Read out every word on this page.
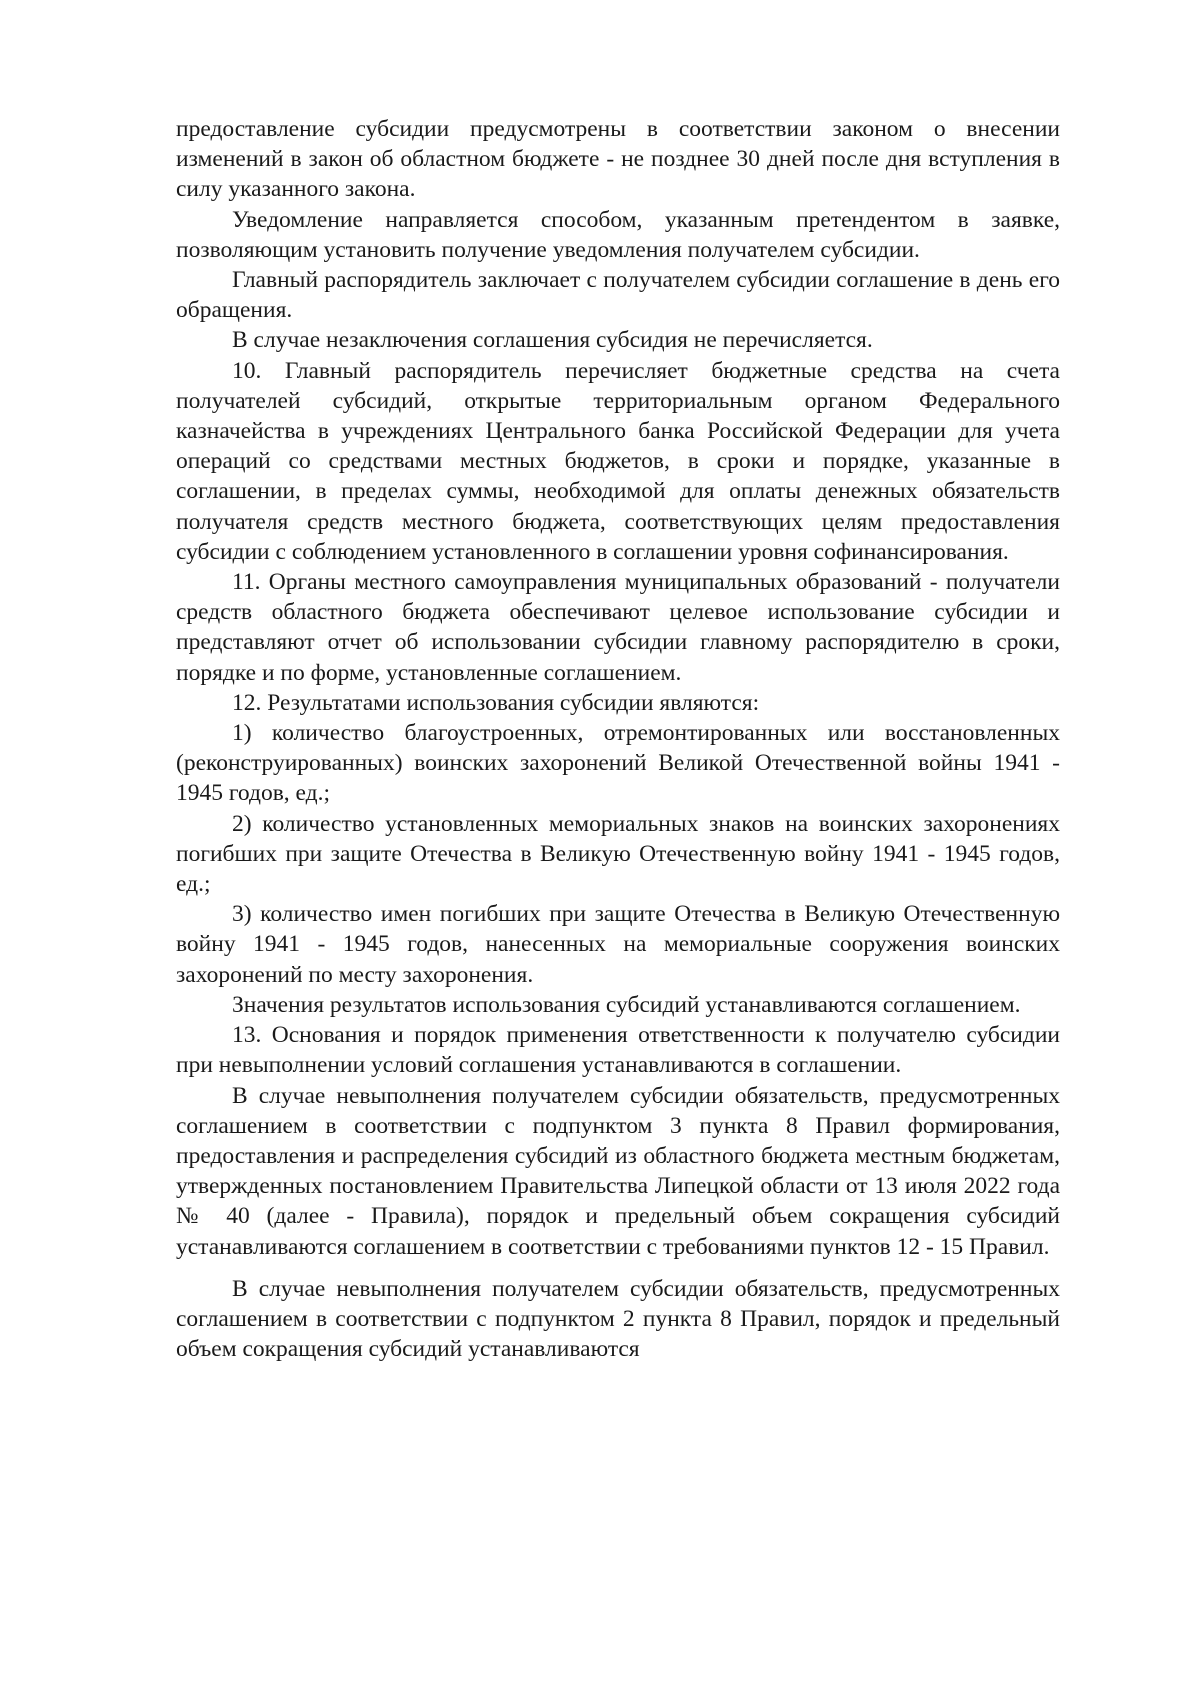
предоставление субсидии предусмотрены в соответствии законом о внесении изменений в закон об областном бюджете - не позднее 30 дней после дня вступления в силу указанного закона.

Уведомление направляется способом, указанным претендентом в заявке, позволяющим установить получение уведомления получателем субсидии.

Главный распорядитель заключает с получателем субсидии соглашение в день его обращения.

В случае незаключения соглашения субсидия не перечисляется.

10. Главный распорядитель перечисляет бюджетные средства на счета получателей субсидий, открытые территориальным органом Федерального казначейства в учреждениях Центрального банка Российской Федерации для учета операций со средствами местных бюджетов, в сроки и порядке, указанные в соглашении, в пределах суммы, необходимой для оплаты денежных обязательств получателя средств местного бюджета, соответствующих целям предоставления субсидии с соблюдением установленного в соглашении уровня софинансирования.

11. Органы местного самоуправления муниципальных образований - получатели средств областного бюджета обеспечивают целевое использование субсидии и представляют отчет об использовании субсидии главному распорядителю в сроки, порядке и по форме, установленные соглашением.

12. Результатами использования субсидии являются:

1) количество благоустроенных, отремонтированных или восстановленных (реконструированных) воинских захоронений Великой Отечественной войны 1941 - 1945 годов, ед.;

2) количество установленных мемориальных знаков на воинских захоронениях погибших при защите Отечества в Великую Отечественную войну 1941 - 1945 годов, ед.;

3) количество имен погибших при защите Отечества в Великую Отечественную войну 1941 - 1945 годов, нанесенных на мемориальные сооружения воинских захоронений по месту захоронения.

Значения результатов использования субсидий устанавливаются соглашением.

13. Основания и порядок применения ответственности к получателю субсидии при невыполнении условий соглашения устанавливаются в соглашении.

В случае невыполнения получателем субсидии обязательств, предусмотренных соглашением в соответствии с подпунктом 3 пункта 8 Правил формирования, предоставления и распределения субсидий из областного бюджета местным бюджетам, утвержденных постановлением Правительства Липецкой области от 13 июля 2022 года № 40 (далее - Правила), порядок и предельный объем сокращения субсидий устанавливаются соглашением в соответствии с требованиями пунктов 12 - 15 Правил.

В случае невыполнения получателем субсидии обязательств, предусмотренных соглашением в соответствии с подпунктом 2 пункта 8 Правил, порядок и предельный объем сокращения субсидий устанавливаются
